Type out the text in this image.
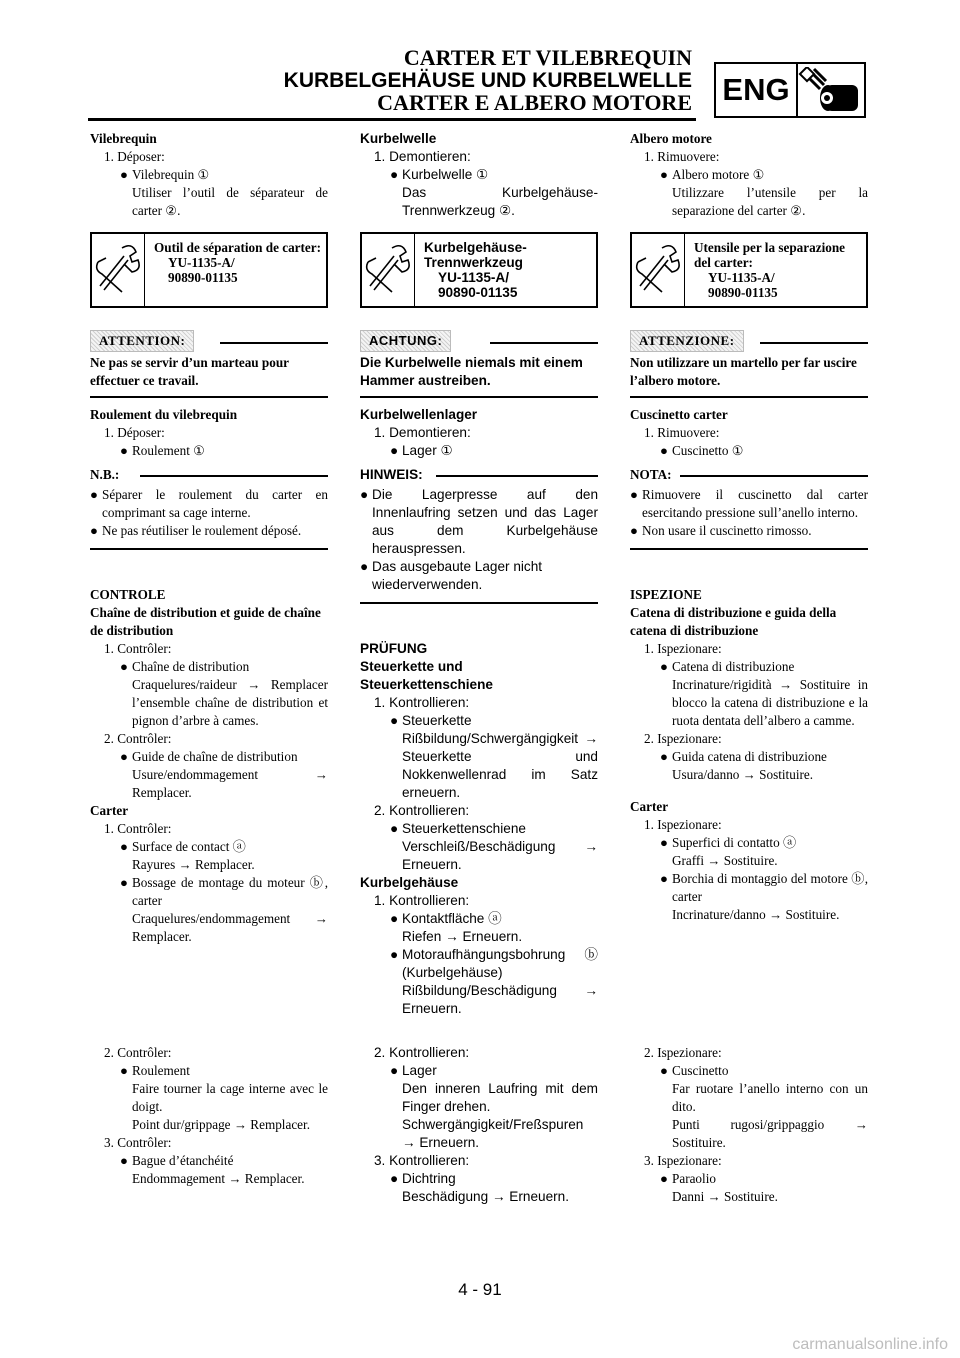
CARTER ET VILEBREQUIN
KURBELGEHÄUSE UND KURBELWELLE
CARTER E ALBERO MOTORE ENG
Vilebrequin
1. Déposer:
● Vilebrequin ①
Utiliser l’outil de séparateur de carter ②.
Outil de séparation de carter:
YU-1135-A/
90890-01135
ATTENTION:
Ne pas se servir d’un marteau pour effectuer ce travail.
Roulement du vilebrequin
1. Déposer:
● Roulement ①
N.B.:
● Séparer le roulement du carter en comprimant sa cage interne.
● Ne pas réutiliser le roulement déposé.
CONTROLE
Chaîne de distribution et guide de chaîne de distribution
1. Contrôler:
● Chaîne de distribution
Craquelures/raideur → Remplacer l’ensemble chaîne de distribution et pignon d’arbre à cames.
2. Contrôler:
● Guide de chaîne de distribution
Usure/endommagement → Remplacer.
Carter
1. Contrôler:
● Surface de contact ⓐ
Rayures → Remplacer.
● Bossage de montage du moteur ⓑ, carter
Craquelures/endommagement → Remplacer.
2. Contrôler:
● Roulement
Faire tourner la cage interne avec le doigt.
Point dur/grippage → Remplacer.
3. Contrôler:
● Bague d’étanchéité
Endommagement → Remplacer.
Kurbelwelle
1. Demontieren:
● Kurbelwelle ①
Das Kurbelgehäuse-Trennwerkzeug ②.
Kurbelgehäuse-Trennwerkzeug
YU-1135-A/
90890-01135
ACHTUNG:
Die Kurbelwelle niemals mit einem Hammer austreiben.
Kurbelwellenlager
1. Demontieren:
● Lager ①
HINWEIS:
● Die Lagerpresse auf den Innenlaufring setzen und das Lager aus dem Kurbelgehäuse herauspressen.
● Das ausgebaute Lager nicht wiederverwenden.
PRÜFUNG
Steuerkette und Steuerkettenschiene
1. Kontrollieren:
● Steuerkette
Rißbildung/Schwergängigkeit → Steuerkette und Nokkenwellenrad im Satz erneuern.
2. Kontrollieren:
● Steuerkettenschiene
Verschleiß/Beschädigung → Erneuern.
Kurbelgehäuse
1. Kontrollieren:
● Kontaktfläche ⓐ
Riefen → Erneuern.
● Motoraufhängungsbohrung ⓑ (Kurbelgehäuse)
Rißbildung/Beschädigung → Erneuern.
2. Kontrollieren:
● Lager
Den inneren Laufring mit dem Finger drehen.
Schwergängigkeit/Freßspuren → Erneuern.
3. Kontrollieren:
● Dichtring
Beschädigung → Erneuern.
Albero motore
1. Rimuovere:
● Albero motore ①
Utilizzare l’utensile per la separazione del carter ②.
Utensile per la separazione del carter:
YU-1135-A/
90890-01135
ATTENZIONE:
Non utilizzare un martello per far uscire l’albero motore.
Cuscinetto carter
1. Rimuovere:
● Cuscinetto ①
NOTA:
● Rimuovere il cuscinetto dal carter esercitando pressione sull’anello interno.
● Non usare il cuscinetto rimosso.
ISPEZIONE
Catena di distribuzione e guida della catena di distribuzione
1. Ispezionare:
● Catena di distribuzione
Incrinature/rigidità → Sostituire in blocco la catena di distribuzione e la ruota dentata dell’albero a camme.
2. Ispezionare:
● Guida catena di distribuzione
Usura/danno → Sostituire.
Carter
1. Ispezionare:
● Superfici di contatto ⓐ
Graffi → Sostituire.
● Borchia di montaggio del motore ⓑ, carter
Incrinature/danno → Sostituire.
2. Ispezionare:
● Cuscinetto
Far ruotare l’anello interno con un dito.
Punti rugosi/grippaggio → Sostituire.
3. Ispezionare:
● Paraolio
Danni → Sostituire.
4 - 91
carmanualsonline.info
